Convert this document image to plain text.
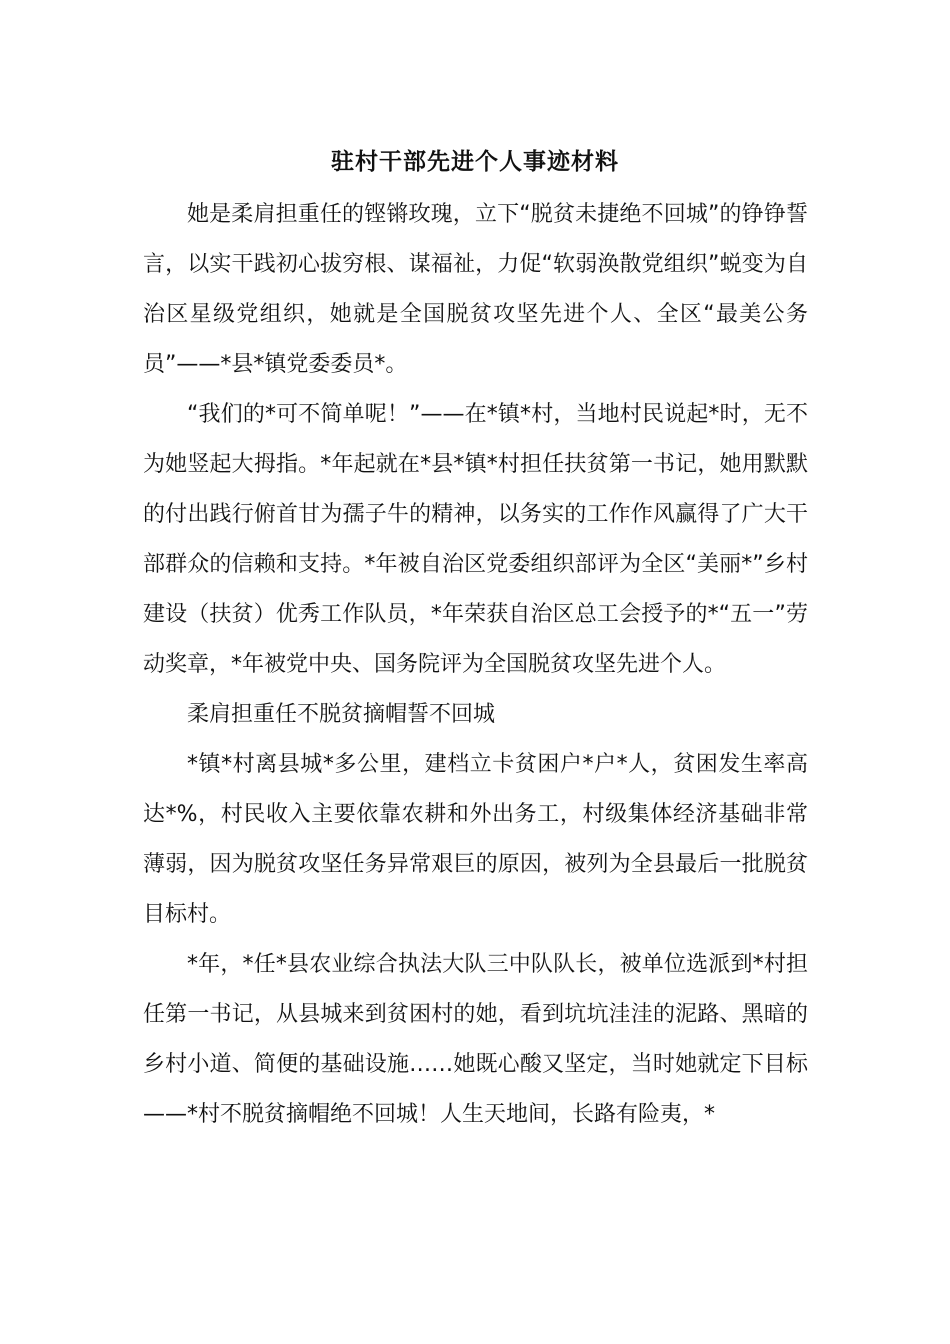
驻村干部先进个人事迹材料

她是柔肩担重任的铿锵玫瑰，立下“脱贫未捷绝不回城”的铮铮誓言，以实干践初心拔穷根、谋福祉，力促“软弱涣散党组织”蜕变为自治区星级党组织，她就是全国脱贫攻坚先进个人、全区“最美公务员”——*县*镇党委委员*。

“我们的*可不简单呢！”——在*镇*村，当地村民说起*时，无不为她竖起大拇指。*年起就在*县*镇*村担任扶贫第一书记，她用默默的付出践行俯首甘为孺子牛的精神，以务实的工作作风赢得了广大干部群众的信赖和支持。*年被自治区党委组织部评为全区“美丽*”乡村建设（扶贫）优秀工作队员，*年荣获自治区总工会授予的*“五一”劳动奖章，*年被党中央、国务院评为全国脱贫攻坚先进个人。

柔肩担重任不脱贫摘帽誓不回城

*镇*村离县城*多公里，建档立卡贫困户*户*人，贫困发生率高达*%，村民收入主要依靠农耕和外出务工，村级集体经济基础非常薄弱，因为脱贫攻坚任务异常艰巨的原因，被列为全县最后一批脱贫目标村。

*年，*任*县农业综合执法大队三中队队长，被单位选派到*村担任第一书记，从县城来到贫困村的她，看到坑坑洼洼的泥路、黑暗的乡村小道、简便的基础设施……她既心酸又坚定，当时她就定下目标——*村不脱贫摘帽绝不回城！人生天地间，长路有险夷，*
